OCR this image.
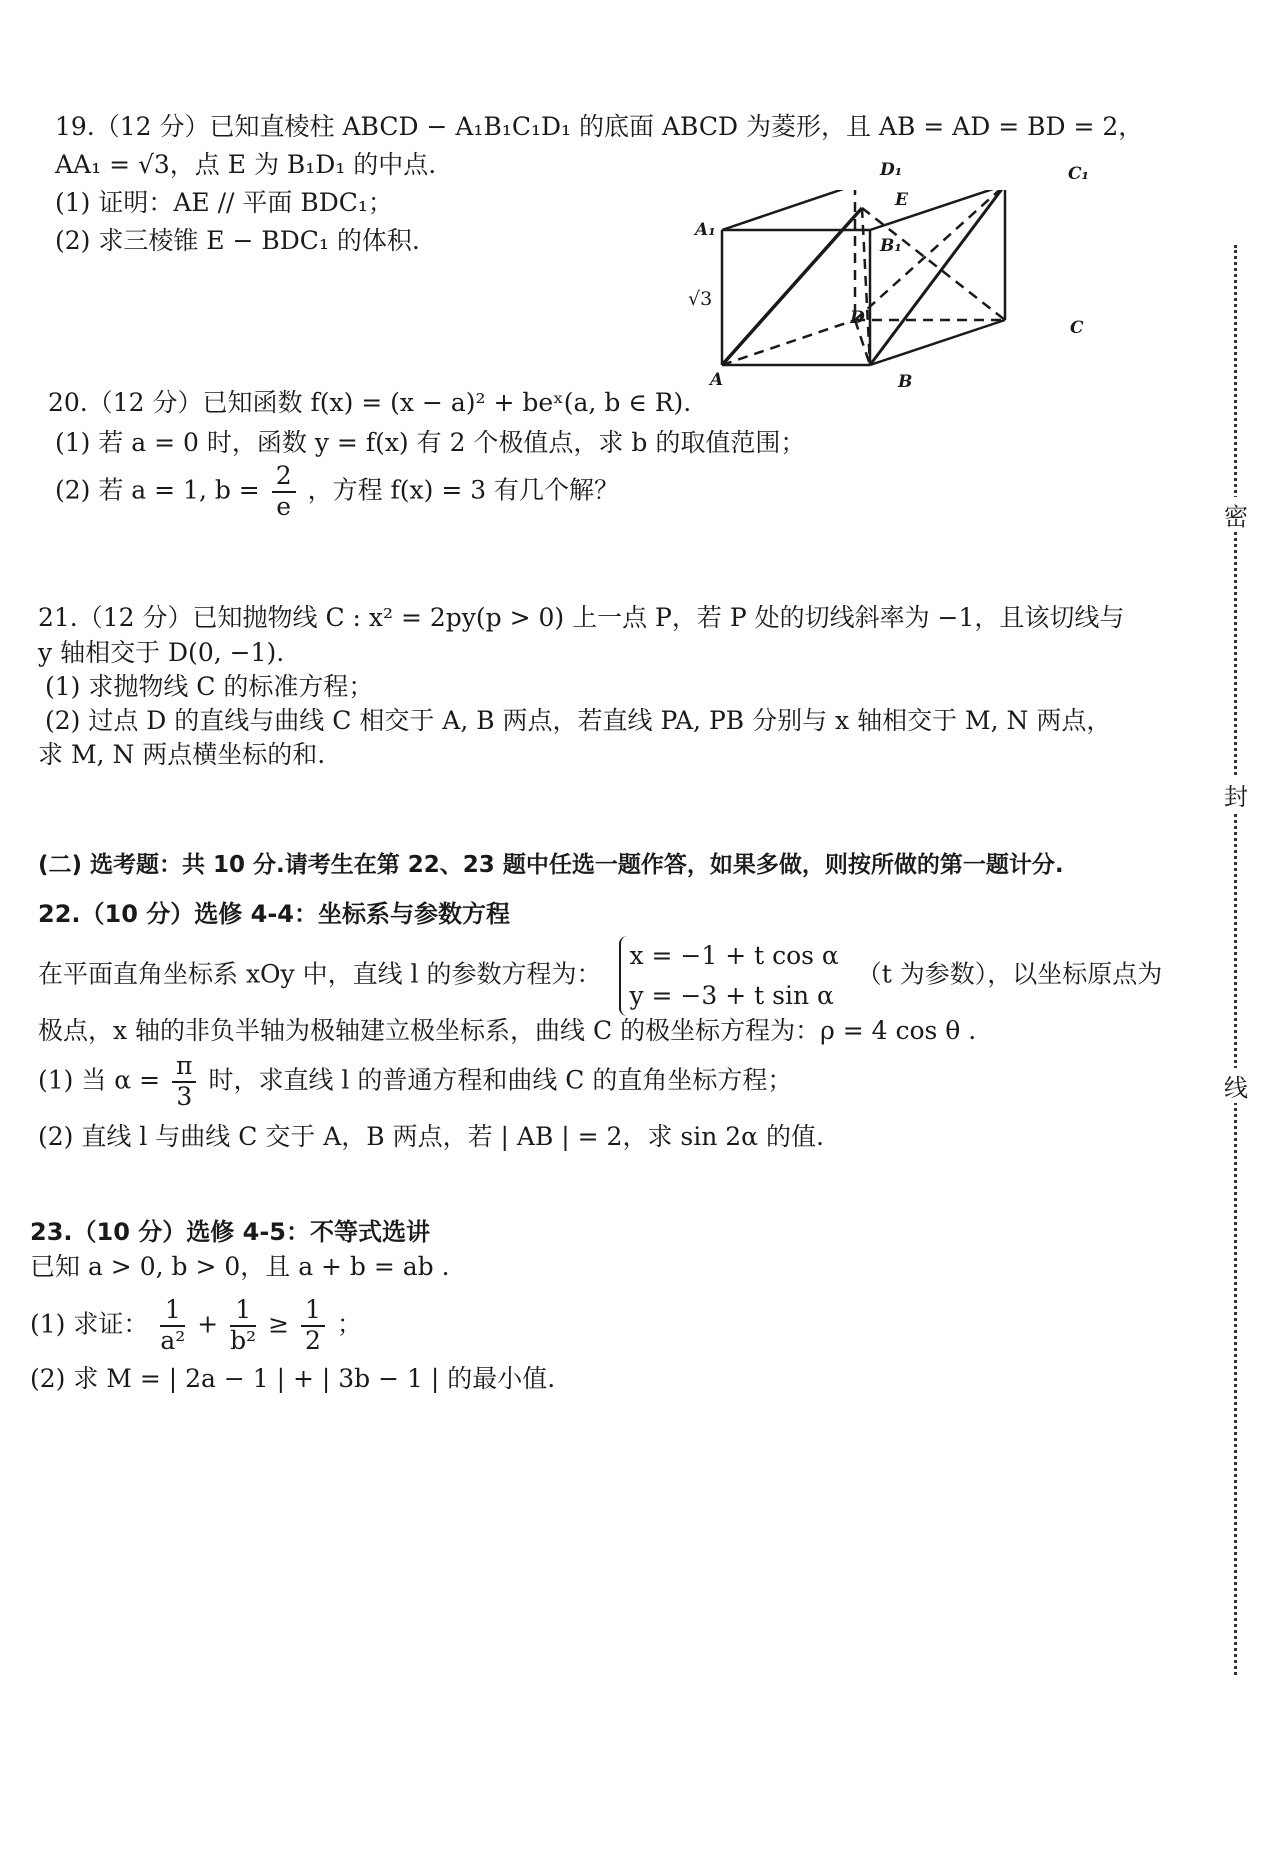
19.（12 分）已知直棱柱 ABCD − A₁B₁C₁D₁ 的底面 ABCD 为菱形，且 AB = AD = BD = 2，
AA₁ = √3，点 E 为 B₁D₁ 的中点.
(1) 证明：AE // 平面 BDC₁；
(2) 求三棱锥 E − BDC₁ 的体积.
D₁	C₁
A₁
E
B₁
D	C
A	B
√3
20.（12 分）已知函数 f(x) = (x − a)² + beˣ(a, b ∈ R).
(1) 若 a = 0 时，函数 y = f(x) 有 2 个极值点，求 b 的取值范围；
(2) 若 a = 1, $b = \frac{2}{e}$ ，方程 f(x) = 3 有几个解？
21.（12 分）已知抛物线 C : x² = 2py(p > 0) 上一点 P，若 P 处的切线斜率为 −1，且该切线与
y 轴相交于 D(0, −1).
(1) 求抛物线 C 的标准方程；
(2) 过点 D 的直线与曲线 C 相交于 A, B 两点，若直线 PA, PB 分别与 x 轴相交于 M, N 两点，
求 M, N 两点横坐标的和.
(二) 选考题：共 10 分.请考生在第 22、23 题中任选一题作答，如果多做，则按所做的第一题计分.
22.（10 分）选修 4-4：坐标系与参数方程
在平面直角坐标系 xOy 中，直线 l 的参数方程为：
x = −1 + t cos α
y = −3 + t sin α
（t 为参数），以坐标原点为
极点，x 轴的非负半轴为极轴建立极坐标系，曲线 C 的极坐标方程为：ρ = 4 cos θ .
(1) 当 $\alpha = \frac{\pi}{3}$ 时，求直线 l 的普通方程和曲线 C 的直角坐标方程；
(2) 直线 l 与曲线 C 交于 A，B 两点，若 | AB | = 2，求 sin 2α 的值.
23.（10 分）选修 4-5：不等式选讲
已知 a > 0, b > 0，且 a + b = ab .
(1) 求证： $\frac{1}{\text{a²}} + \frac{1}{\text{b²}} \ge \frac{1}{2}$ ；
(2) 求 M = | 2a − 1 | + | 3b − 1 | 的最小值.
密
封
线
